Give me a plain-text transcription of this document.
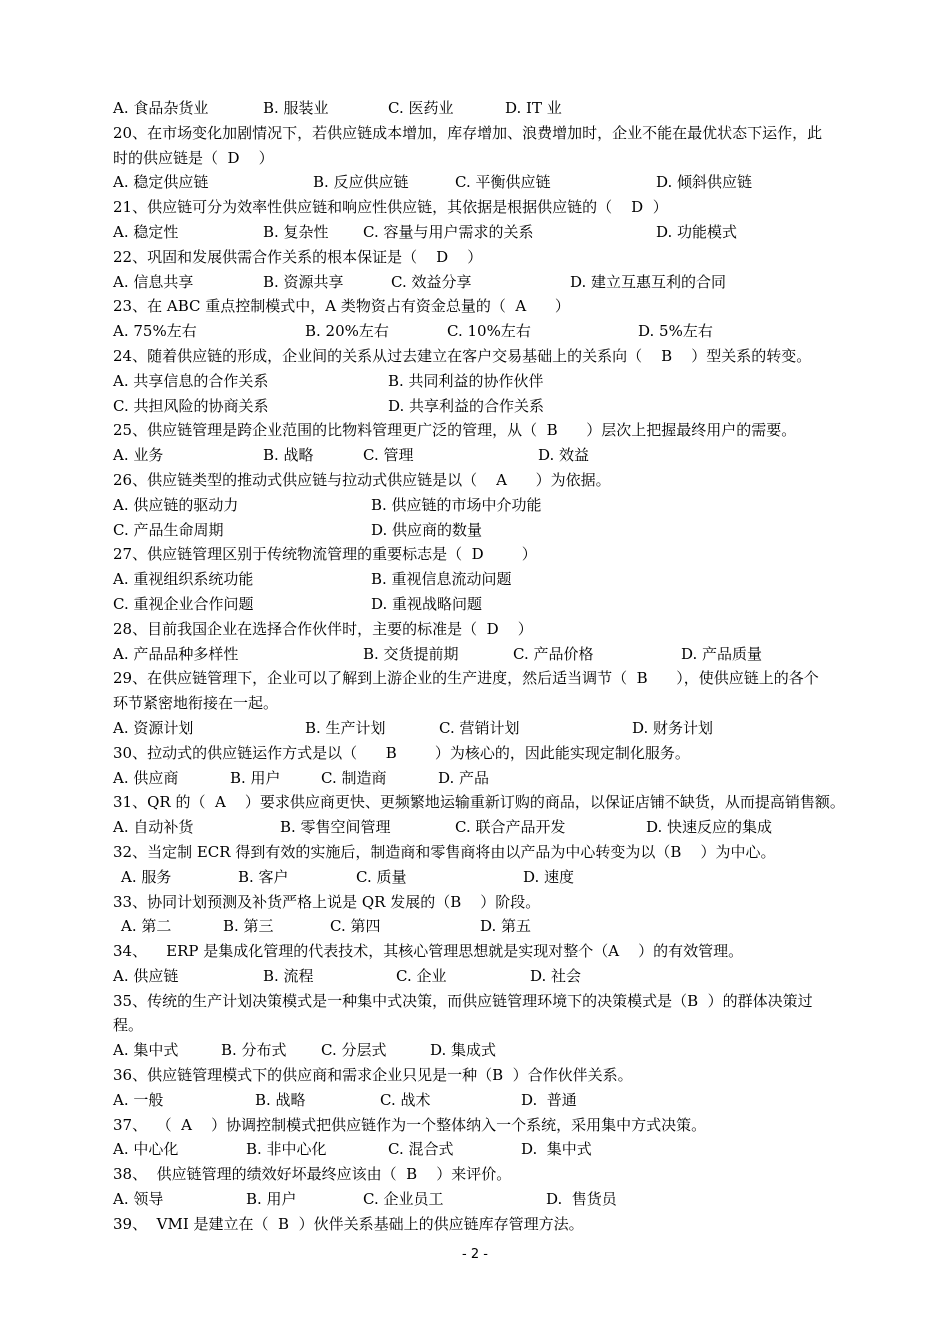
A. 食品杂货业	B. 服装业	C. 医药业	D. IT 业
20、在市场变化加剧情况下，若供应链成本增加，库存增加、浪费增加时，企业不能在最优状态下运作，此
时的供应链是（  D    ）
A. 稳定供应链	B. 反应供应链	C. 平衡供应链	D. 倾斜供应链
21、供应链可分为效率性供应链和响应性供应链，其依据是根据供应链的（    D  ）
A. 稳定性	B. 复杂性 C. 容量与用户需求的关系	D. 功能模式
22、巩固和发展供需合作关系的根本保证是（    D    ）
A. 信息共享	B. 资源共享	C. 效益分享	D. 建立互惠互利的合同
23、在 ABC 重点控制模式中，A 类物资占有资金总量的（  A      ）
A. 75%左右	B. 20%左右	C. 10%左右	D. 5%左右
24、随着供应链的形成，企业间的关系从过去建立在客户交易基础上的关系向（    B    ）型关系的转变。
A. 共享信息的合作关系	B. 共同利益的协作伙伴
C. 共担风险的协商关系	D. 共享利益的合作关系
25、供应链管理是跨企业范围的比物料管理更广泛的管理，从（  B      ）层次上把握最终用户的需要。
A. 业务	B. 战略	C. 管理	D. 效益
26、供应链类型的推动式供应链与拉动式供应链是以（    A      ）为依据。
A. 供应链的驱动力	B. 供应链的市场中介功能
C. 产品生命周期	D. 供应商的数量
27、供应链管理区别于传统物流管理的重要标志是（  D        ）
A. 重视组织系统功能	B. 重视信息流动问题
C. 重视企业合作问题	D. 重视战略问题
28、目前我国企业在选择合作伙伴时，主要的标准是（  D    ）
A. 产品品种多样性	B. 交货提前期	C. 产品价格	D. 产品质量
29、在供应链管理下，企业可以了解到上游企业的生产进度，然后适当调节（  B      ），使供应链上的各个
环节紧密地衔接在一起。
A. 资源计划	B. 生产计划	C. 营销计划	D. 财务计划
30、拉动式的供应链运作方式是以（      B        ）为核心的，因此能实现定制化服务。
A. 供应商	B. 用户	C. 制造商	D. 产品
31、QR 的（  A    ）要求供应商更快、更频繁地运输重新订购的商品，以保证店铺不缺货，从而提高销售额。
A. 自动补货	B. 零售空间管理	C. 联合产品开发	D. 快速反应的集成
32、当定制 ECR 得到有效的实施后，制造商和零售商将由以产品为中心转变为以（B    ）为中心。
A. 服务	B. 客户	C. 质量	D. 速度
33、协同计划预测及补货严格上说是 QR 发展的（B    ）阶段。
A. 第二	B. 第三	C. 第四	D. 第五
34、    ERP 是集成化管理的代表技术，其核心管理思想就是实现对整个（A    ）的有效管理。
A. 供应链	B. 流程	C. 企业	D. 社会
35、传统的生产计划决策模式是一种集中式决策，而供应链管理环境下的决策模式是（B  ）的群体决策过
程。
A. 集中式	B. 分布式 C. 分层式	D. 集成式
36、供应链管理模式下的供应商和需求企业只见是一种（B  ）合作伙伴关系。
A. 一般	B. 战略	C. 战术	D.  普通
37、  （  A    ）协调控制模式把供应链作为一个整体纳入一个系统，采用集中方式决策。
A. 中心化	B. 非中心化	C. 混合式	D.  集中式
38、  供应链管理的绩效好坏最终应该由（  B    ）来评价。
A. 领导	B. 用户	C. 企业员工	D.  售货员
39、  VMI 是建立在（  B  ）伙伴关系基础上的供应链库存管理方法。
- 2 -
